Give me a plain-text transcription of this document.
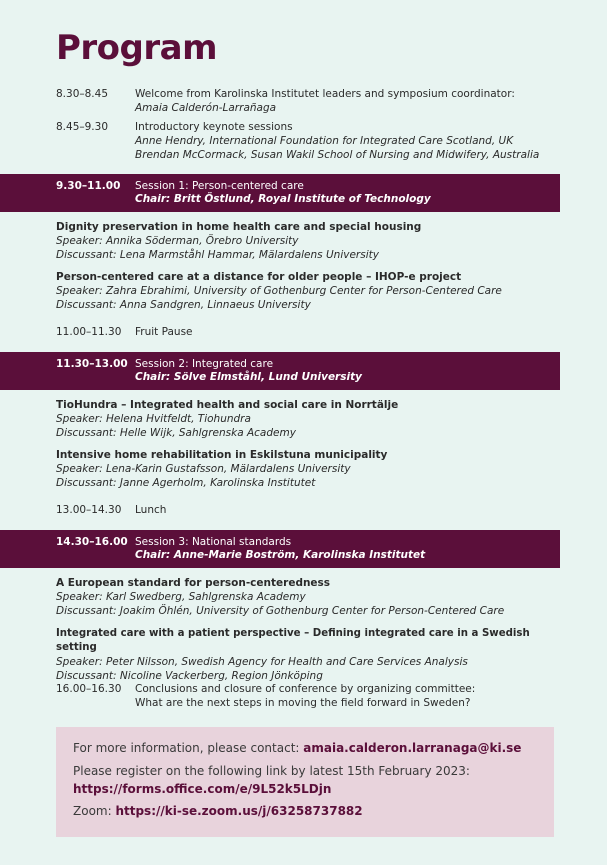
Program
8.30–8.45	Welcome from Karolinska Institutet leaders and symposium coordinator:
Amaia Calderón-Larrañaga
8.45–9.30	Introductory keynote sessions
Anne Hendry, International Foundation for Integrated Care Scotland, UK
Brendan McCormack, Susan Wakil School of Nursing and Midwifery, Australia
9.30–11.00	Session 1: Person-centered care
Chair: Britt Östlund, Royal Institute of Technology
Dignity preservation in home health care and special housing
Speaker: Annika Söderman, Örebro University
Discussant: Lena Marmståhl Hammar, Mälardalens University
Person-centered care at a distance for older people – IHOP-e project
Speaker: Zahra Ebrahimi, University of Gothenburg Center for Person-Centered Care
Discussant: Anna Sandgren, Linnaeus University
11.00–11.30	Fruit Pause
11.30–13.00 Session 2: Integrated care
Chair: Sölve Elmståhl, Lund University
TioHundra – Integrated health and social care in Norrtälje
Speaker: Helena Hvitfeldt, Tiohundra
Discussant: Helle Wijk, Sahlgrenska Academy
Intensive home rehabilitation in Eskilstuna municipality
Speaker: Lena-Karin Gustafsson, Mälardalens University
Discussant: Janne Agerholm, Karolinska Institutet
13.00–14.30	Lunch
14.30–16.00 Session 3: National standards
Chair: Anne-Marie Boström, Karolinska Institutet
A European standard for person-centeredness
Speaker: Karl Swedberg, Sahlgrenska Academy
Discussant: Joakim Öhlén, University of Gothenburg Center for Person-Centered Care
Integrated care with a patient perspective – Defining integrated care in a Swedish setting
Speaker: Peter Nilsson, Swedish Agency for Health and Care Services Analysis
Discussant: Nicoline Vackerberg, Region Jönköping
16.00–16.30	Conclusions and closure of conference by organizing committee:
What are the next steps in moving the field forward in Sweden?
For more information, please contact: amaia.calderon.larranaga@ki.se
Please register on the following link by latest 15th February 2023:
https://forms.office.com/e/9L52k5LDjn
Zoom: https://ki-se.zoom.us/j/63258737882
